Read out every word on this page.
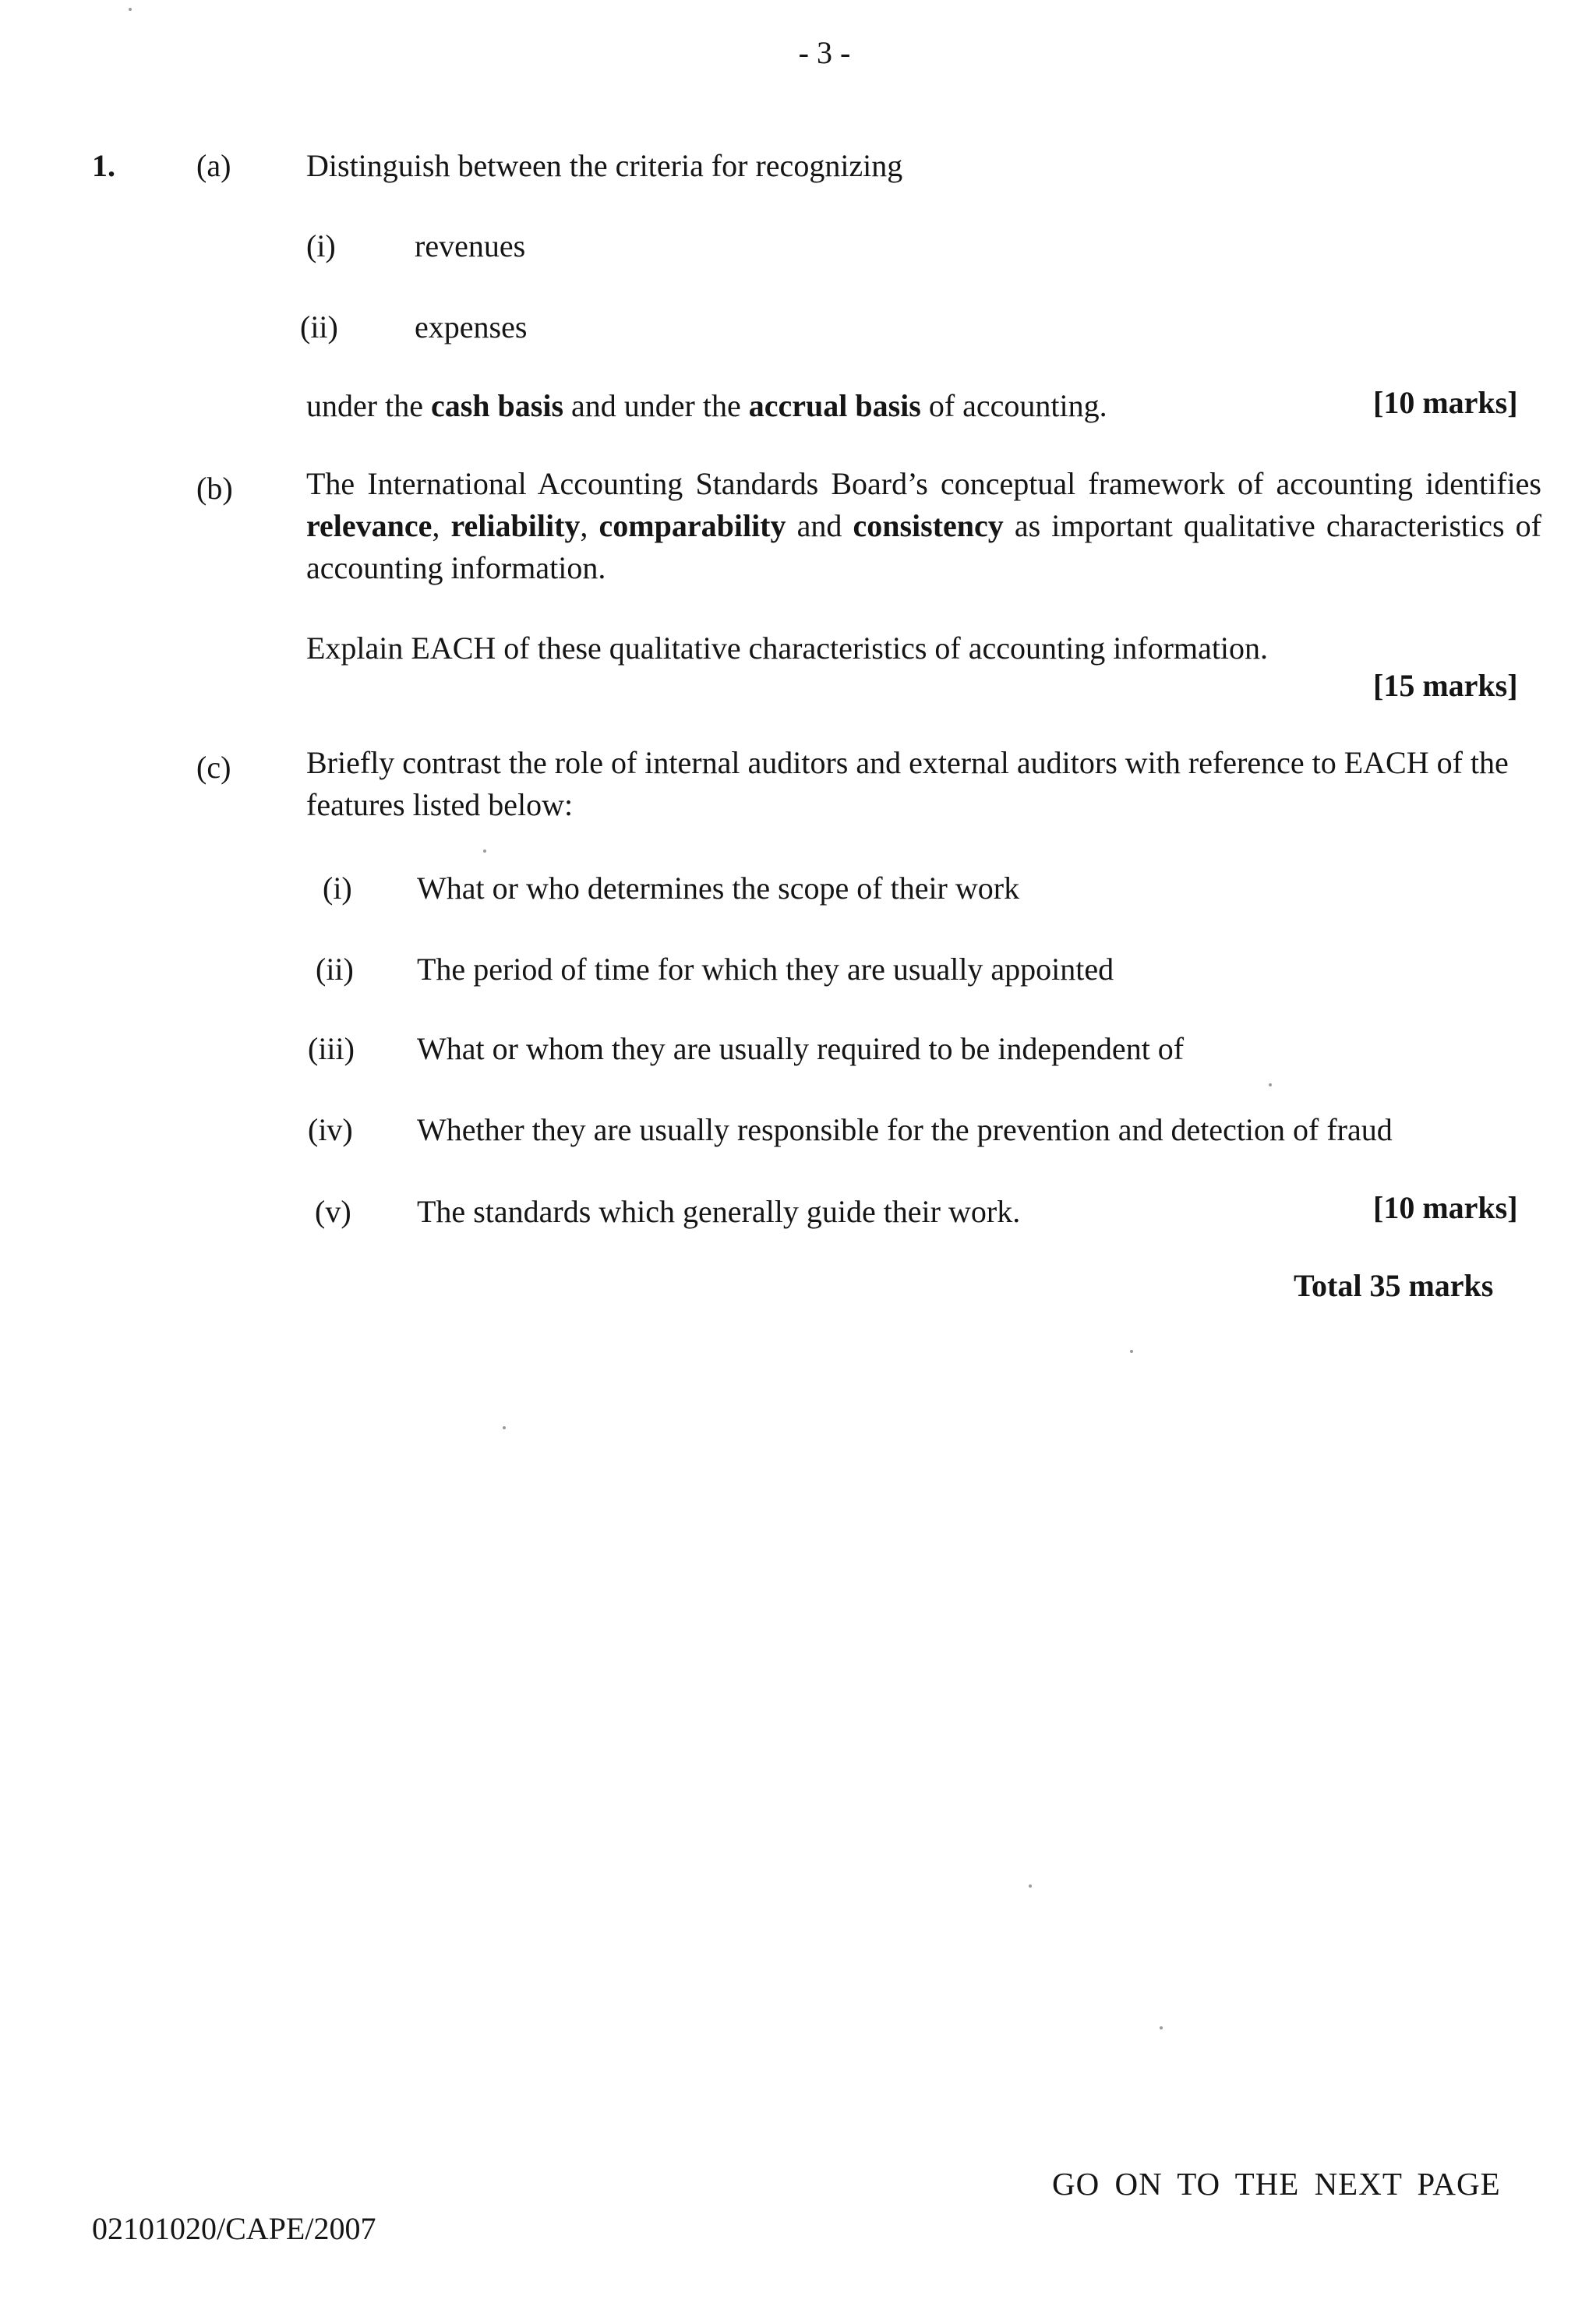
- 3 -
1.	(a) Distinguish between the criteria for recognizing
(i)	revenues
(ii) expenses
under the cash basis and under the accrual basis of accounting.	[10 marks]
(b) The International Accounting Standards Board’s conceptual framework of accounting identifies relevance, reliability, comparability and consistency as important qualitative characteristics of accounting information.
Explain EACH of these qualitative characteristics of accounting information.
[15 marks]
(c) Briefly contrast the role of internal auditors and external auditors with reference to EACH of the features listed below:
(i) What or who determines the scope of their work
(ii) The period of time for which they are usually appointed
(iii) What or whom they are usually required to be independent of
(iv) Whether they are usually responsible for the prevention and detection of fraud
(v) The standards which generally guide their work.	[10 marks]
Total 35 marks
GO ON TO THE NEXT PAGE
02101020/CAPE/2007
